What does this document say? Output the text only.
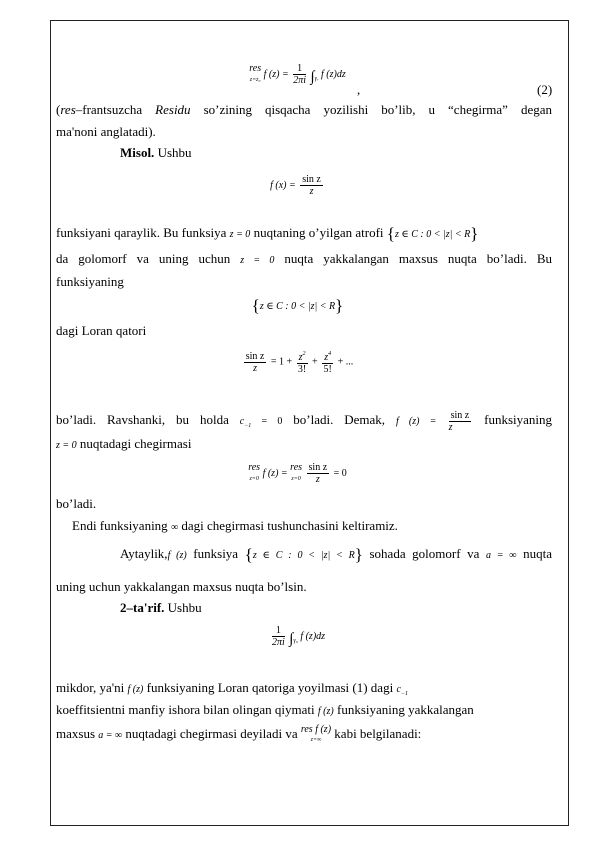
res
z=z₀ f $(z) = \frac{1}{2\pi i} \int_{\gamma ᵣ}$ f (z)dz
,	(2)
(res–frantsuzcha Residu so’zining qisqacha yozilishi bo’lib, u “chegirma” degan
ma'noni anglatadi).
Misol. Ushbu
f $(x) = \frac{\text{sin z}}{z}$
funksiyani qaraylik. Bu funksiya z = 0 nuqtaning o’yilgan atrofi {z ∈ C : 0 < |z| < R}
da golomorf va uning uchun z = 0 nuqta yakkalangan maxsus nuqta bo’ladi. Bu
funksiyaning
{z ∈ C : 0 < |z| < R}
dagi Loran qatori
$\frac{\text{sin z}}{z} = 1 + \frac{z^2}{3!} + \frac{z^4}{5!}$ + ...
bo’ladi. Ravshanki, bu holda $c_{-1} = 0$ bo’ladi. Demak, f $(z) = \frac{\text{sin z}}{z}$ funksiyaning
z = 0 nuqtadagi chegirmasi
res
z=0 f (z) = res
$z=0 \frac{\text{sin z}}{z} = 0$
bo’ladi.
Endi funksiyaning ∞ dagi chegirmasi tushunchasini keltiramiz.
Aytaylik,f (z) funksiya {z ∈ C : 0 < |z| < R} sohada golomorf va a = ∞ nuqta
uning uchun yakkalangan maxsus nuqta bo’lsin.
2–ta'rif. Ushbu
$\frac{1}{2\pi i} \int_{\gamma_0}$ f (z)dz
mikdor, ya'ni f (z) funksiyaning Loran qatoriga yoyilmasi (1) dagi $c_{-1}$
koeffitsientni manfiy ishora bilan olingan qiymati f (z) funksiyaning yakkalangan
maxsus a = ∞ nuqtadagi chegirmasi deyiladi va res f (z)
z=∞ kabi belgilanadi:
